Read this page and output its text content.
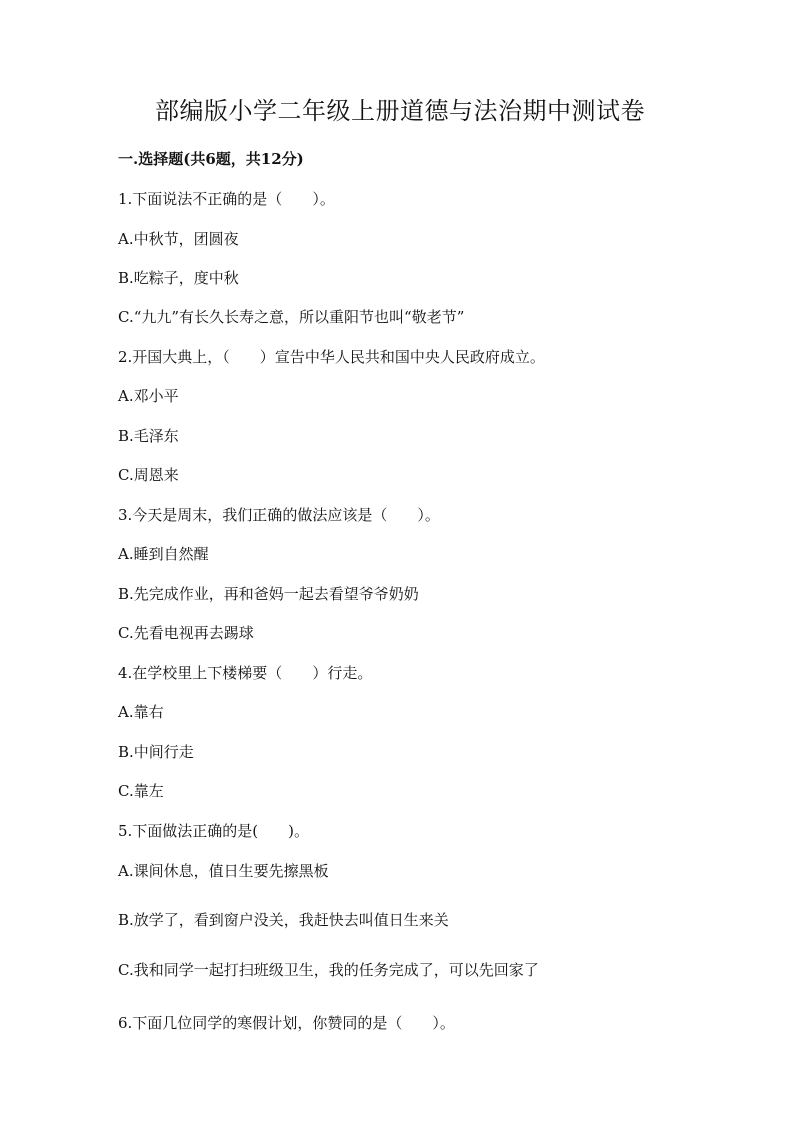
部编版小学二年级上册道德与法治期中测试卷
一.选择题(共6题，共12分)
1.下面说法不正确的是（　　）。
A.中秋节，团圆夜
B.吃粽子，度中秋
C.“九九”有长久长寿之意，所以重阳节也叫“敬老节”
2.开国大典上，（　　）宣告中华人民共和国中央人民政府成立。
A.邓小平
B.毛泽东
C.周恩来
3.今天是周末，我们正确的做法应该是（　　）。
A.睡到自然醒
B.先完成作业，再和爸妈一起去看望爷爷奶奶
C.先看电视再去踢球
4.在学校里上下楼梯要（　　）行走。
A.靠右
B.中间行走
C.靠左
5.下面做法正确的是(　　)。
A.课间休息，值日生要先擦黑板
B.放学了，看到窗户没关，我赶快去叫值日生来关
C.我和同学一起打扫班级卫生，我的任务完成了，可以先回家了
6.下面几位同学的寒假计划，你赞同的是（　　）。
